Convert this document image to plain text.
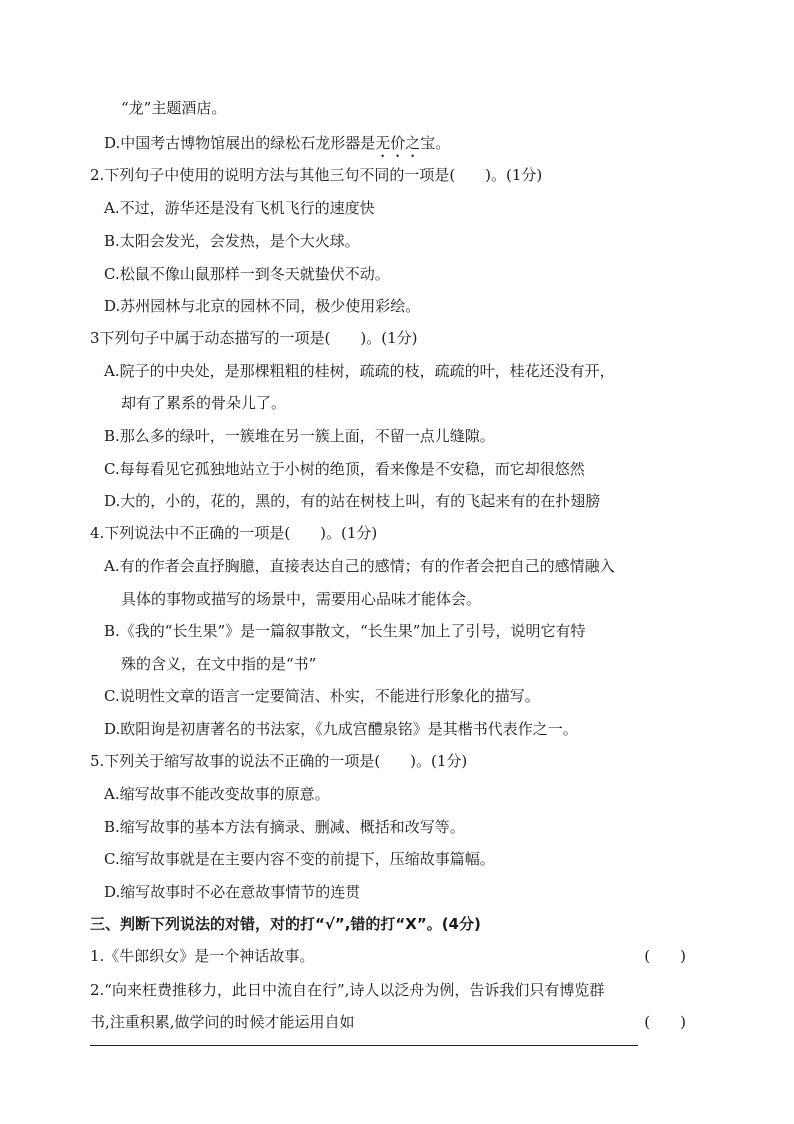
“龙”主题酒店。
D.中国考古博物馆展出的绿松石龙形器是无价之宝。
2.下列句子中使用的说明方法与其他三句不同的一项是(　　)。(1分)
A.不过，游华还是没有飞机飞行的速度快
B.太阳会发光，会发热，是个大火球。
C.松鼠不像山鼠那样一到冬天就蛰伏不动。
D.苏州园林与北京的园林不同，极少使用彩绘。
3下列句子中属于动态描写的一项是(　　)。(1分)
A.院子的中央处，是那棵粗粗的桂树，疏疏的枝，疏疏的叶，桂花还没有开，
却有了累系的骨朵儿了。
B.那么多的绿叶，一簇堆在另一簇上面，不留一点儿缝隙。
C.每每看见它孤独地站立于小树的绝顶，看来像是不安稳，而它却很悠然
D.大的，小的，花的，黑的，有的站在树枝上叫，有的飞起来有的在扑翅膀
4.下列说法中不正确的一项是(　　)。(1分)
A.有的作者会直抒胸臆，直接表达自己的感情；有的作者会把自己的感情融入
具体的事物或描写的场景中，需要用心品味才能体会。
B.《我的“长生果”》是一篇叙事散文，“长生果”加上了引号，说明它有特
殊的含义，在文中指的是“书”
C.说明性文章的语言一定要简洁、朴实，不能进行形象化的描写。
D.欧阳询是初唐著名的书法家，《九成宫醴泉铭》是其楷书代表作之一。
5.下列关于缩写故事的说法不正确的一项是(　　)。(1分)
A.缩写故事不能改变故事的原意。
B.缩写故事的基本方法有摘录、删减、概括和改写等。
C.缩写故事就是在主要内容不变的前提下，压缩故事篇幅。
D.缩写故事时不必在意故事情节的连贯
三、判断下列说法的对错，对的打“√”,错的打“X”。(4分)
1.《牛郎织女》是一个神话故事。	(　　)
2.“向来枉费推移力，此日中流自在行”,诗人以泛舟为例，告诉我们只有博览群
书,注重积累,做学问的时候才能运用自如	(　　)
